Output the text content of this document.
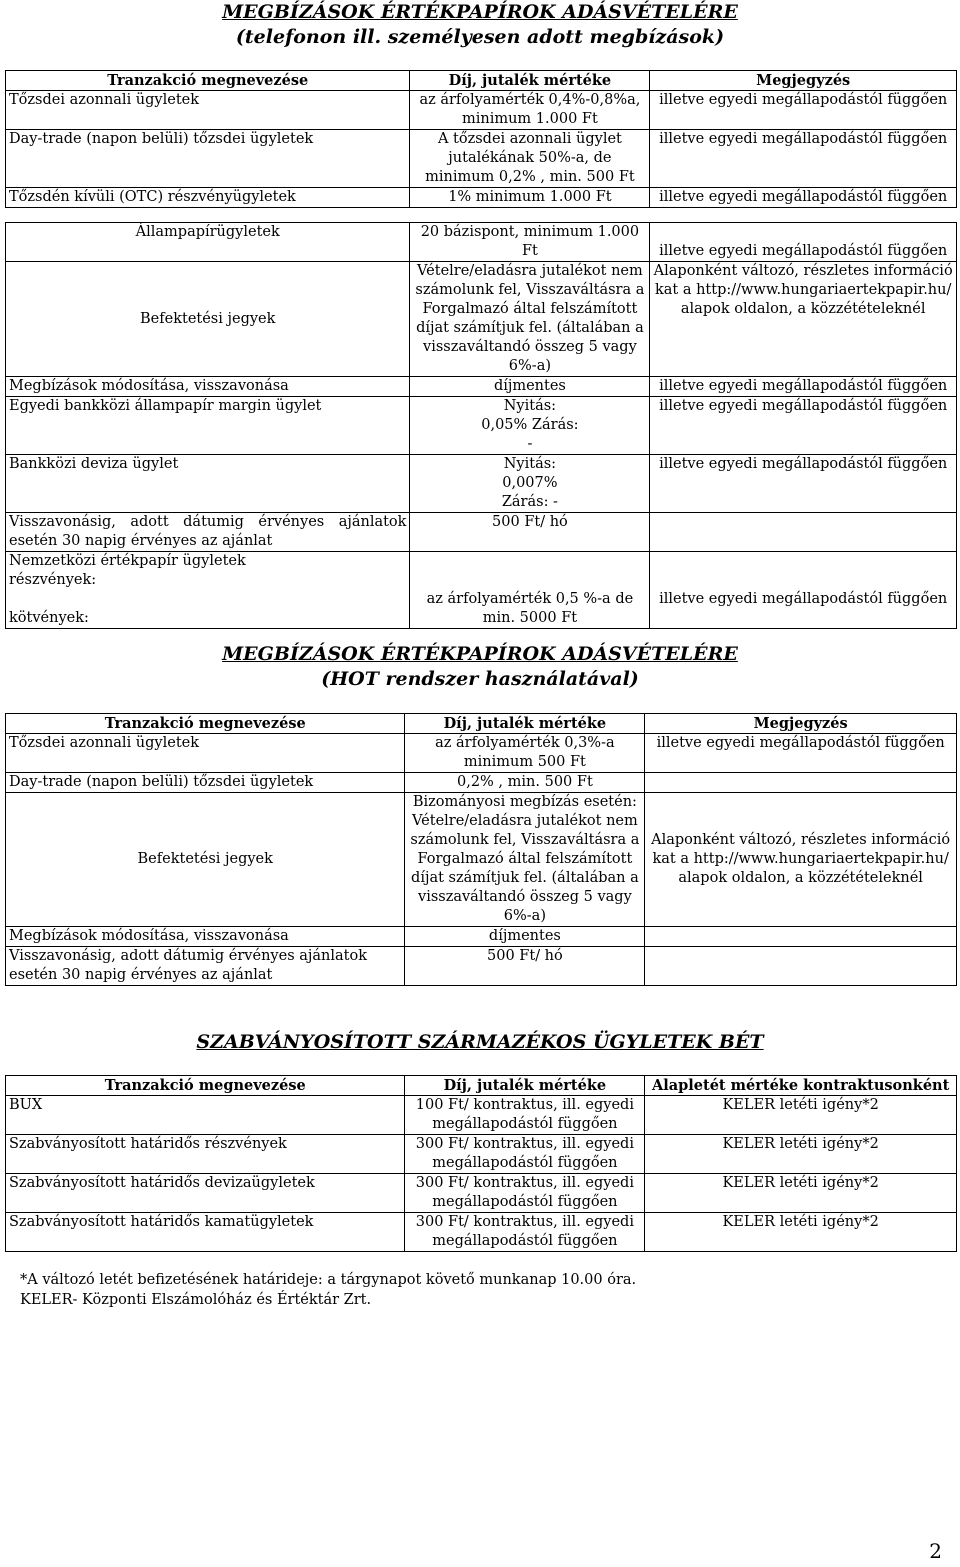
MEGBÍZÁSOK ÉRTÉKPAPÍROK ADÁSVÉTELÉRE
(telefonon ill. személyesen adott megbízások)
Tranzakció megnevezése	Díj, jutalék mértéke	Megjegyzés
Tőzsdei azonnali ügyletek	az árfolyamérték 0,4%-0,8%a, minimum 1.000 Ft	illetve egyedi megállapodástól függően
Day-trade (napon belüli) tőzsdei ügyletek	A tőzsdei azonnali ügylet jutalékának 50%-a, de minimum 0,2% , min. 500 Ft	illetve egyedi megállapodástól függően
Tőzsdén kívüli (OTC) részvényügyletek	1% minimum 1.000 Ft	illetve egyedi megállapodástól függően

Állampapírügyletek	20 bázispont, minimum 1.000 Ft	illetve egyedi megállapodástól függően
Befektetési jegyek	Vételre/eladásra jutalékot nem számolunk fel, Visszaváltásra a Forgalmazó által felszámított díjat számítjuk fel. (általában a visszaváltandó összeg 5 vagy 6%-a)	Alaponként változó, részletes információkat a http://www.hungariaertekpapir.hu/alapok oldalon, a közzétételeknél
Megbízások módosítása, visszavonása	díjmentes	illetve egyedi megállapodástól függően
Egyedi bankközi állampapír margin ügylet	Nyitás: 0,05% Zárás: -	illetve egyedi megállapodástól függően
Bankközi deviza ügylet	Nyitás: 0,007% Zárás: -	illetve egyedi megállapodástól függően
Visszavonásig, adott dátumig érvényes ajánlatok esetén 30 napig érvényes az ajánlat	500 Ft/ hó	

Nemzetközi értékpapír ügyletek
részvények:
kötvények:	az árfolyamérték 0,5 %-a de min. 5000 Ft	illetve egyedi megállapodástól függően
MEGBÍZÁSOK ÉRTÉKPAPÍROK ADÁSVÉTELÉRE
(HOT rendszer használatával)
Tranzakció megnevezése	Díj, jutalék mértéke	Megjegyzés
Tőzsdei azonnali ügyletek	az árfolyamérték 0,3%-a minimum 500 Ft	illetve egyedi megállapodástól függően
Day-trade (napon belüli) tőzsdei ügyletek	0,2% , min. 500 Ft	
Befektetési jegyek	Bizományosi megbízás esetén: Vételre/eladásra jutalékot nem számolunk fel, Visszaváltásra a Forgalmazó által felszámított díjat számítjuk fel. (általában a visszaváltandó összeg 5 vagy 6%-a)	Alaponként változó, részletes információkat a http://www.hungariaertekpapir.hu/alapok oldalon, a közzétételeknél
Megbízások módosítása, visszavonása	díjmentes	
Visszavonásig, adott dátumig érvényes ajánlatok esetén 30 napig érvényes az ajánlat	500 Ft/ hó	
SZABVÁNYOSÍTOTT SZÁRMAZÉKOS ÜGYLETEK BÉT
Tranzakció megnevezése	Díj, jutalék mértéke	Alapletét mértéke kontraktusonként
BUX	100 Ft/ kontraktus, ill. egyedi megállapodástól függően	KELER letéti igény*2
Szabványosított határidős részvények	300 Ft/ kontraktus, ill. egyedi megállapodástól függően	KELER letéti igény*2
Szabványosított határidős devizaügyletek	300 Ft/ kontraktus, ill. egyedi megállapodástól függően	KELER letéti igény*2
Szabványosított határidős kamatügyletek	300 Ft/ kontraktus, ill. egyedi megállapodástól függően	KELER letéti igény*2
*A változó letét befizetésének határideje: a tárgynapot követő munkanap 10.00 óra.
KELER- Központi Elszámolóház és Értéktár Zrt.
2
